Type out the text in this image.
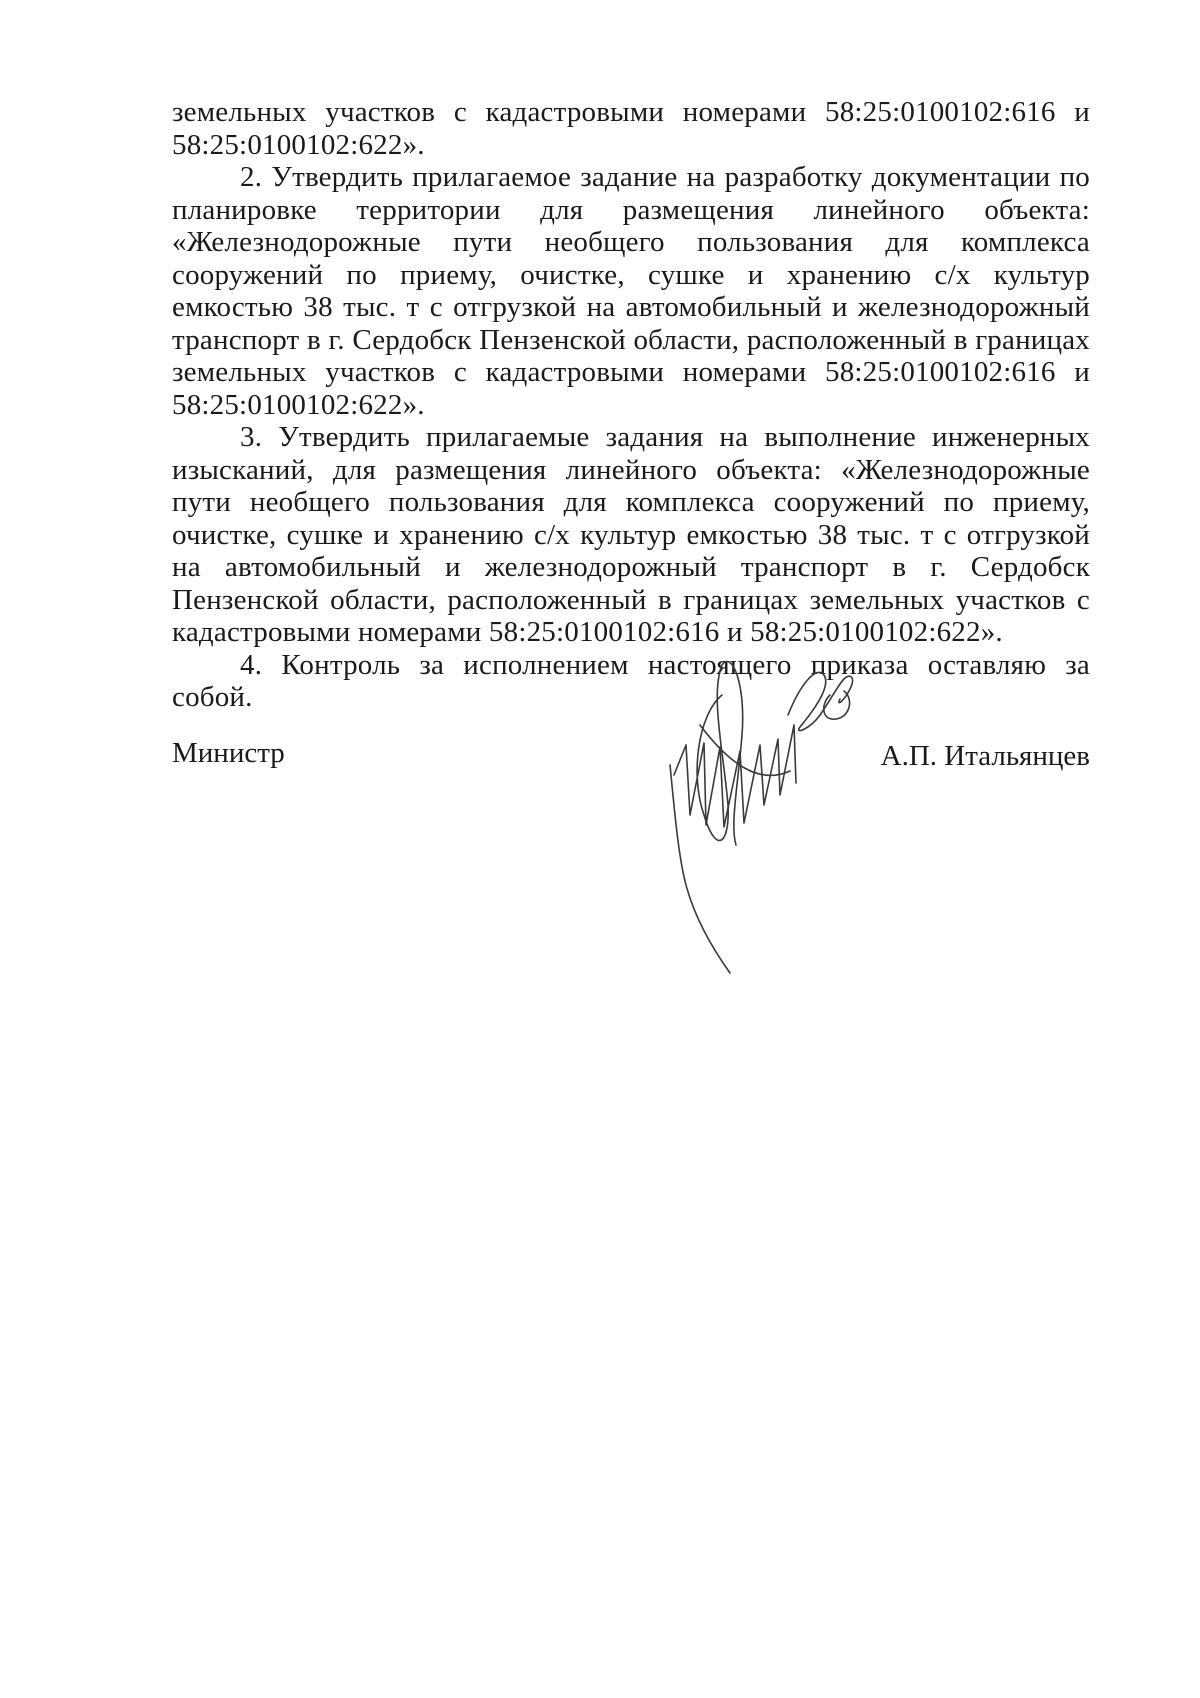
земельных участков с кадастровыми номерами 58:25:0100102:616 и 58:25:0100102:622».

2. Утвердить прилагаемое задание на разработку документации по планировке территории для размещения линейного объекта: «Железнодорожные пути необщего пользования для комплекса сооружений по приему, очистке, сушке и хранению с/х культур емкостью 38 тыс. т с отгрузкой на автомобильный и железнодорожный транспорт в г. Сердобск Пензенской области, расположенный в границах земельных участков с кадастровыми номерами 58:25:0100102:616 и 58:25:0100102:622».

3. Утвердить прилагаемые задания на выполнение инженерных изысканий, для размещения линейного объекта: «Железнодорожные пути необщего пользования для комплекса сооружений по приему, очистке, сушке и хранению с/х культур емкостью 38 тыс. т с отгрузкой на автомобильный и железнодорожный транспорт в г. Сердобск Пензенской области, расположенный в границах земельных участков с кадастровыми номерами 58:25:0100102:616 и 58:25:0100102:622».

4. Контроль за исполнением настоящего приказа оставляю за собой.

Министр	А.П. Итальянцев
